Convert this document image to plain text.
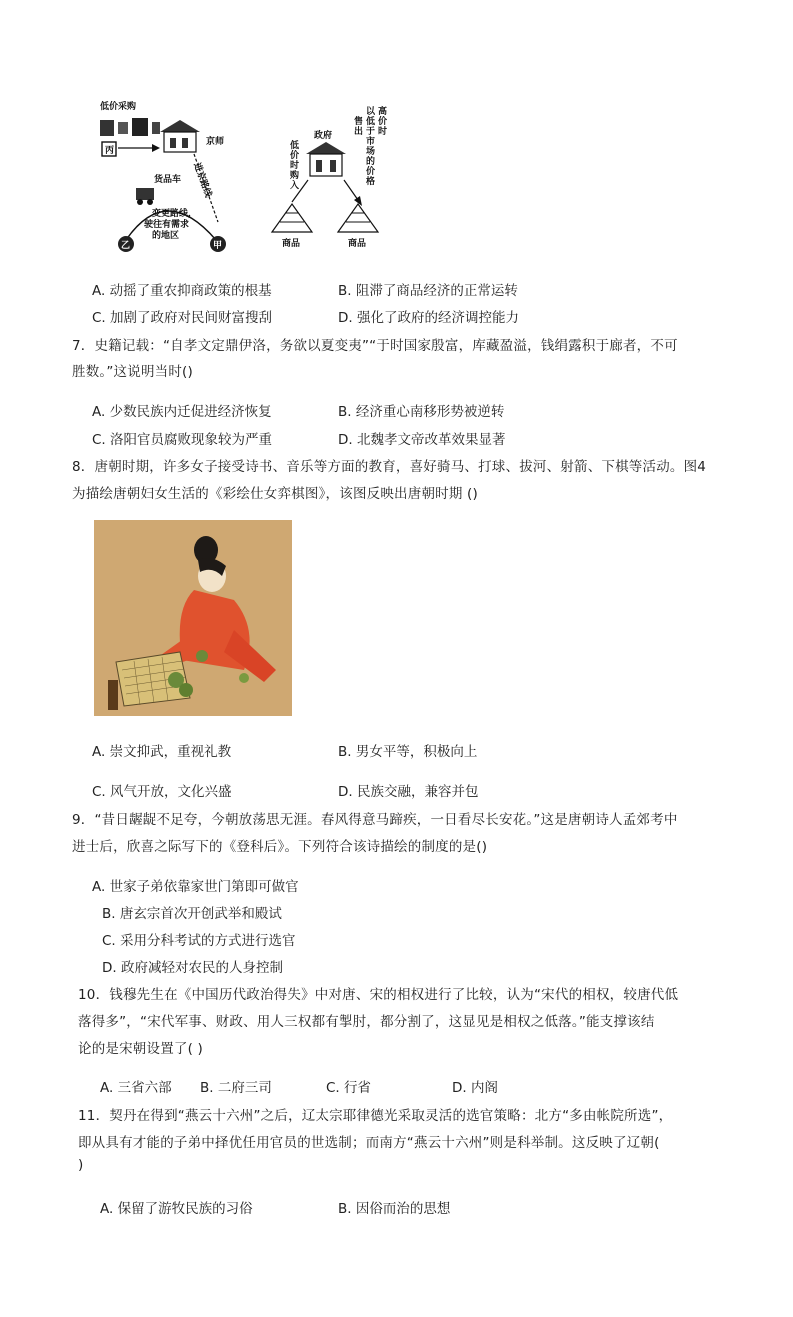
低价采购
丙
京师
进京路线
货品车
变更路线， 驶往有需求 的地区
乙	甲
政府
低 价 时 购 入
售 出
以 低 于 市 场 的 价 格 高 价 时
商品	商品
A. 动摇了重农抑商政策的根基	B. 阻滞了商品经济的正常运转
C. 加剧了政府对民间财富搜刮	D. 强化了政府的经济调控能力
7．史籍记载：“自孝文定鼎伊洛，务欲以夏变夷”“于时国家殷富，库藏盈溢，钱绢露积于廊者，不可
胜数。”这说明当时()
A. 少数民族内迁促进经济恢复	B. 经济重心南移形势被逆转
C. 洛阳官员腐败现象较为严重	D. 北魏孝文帝改革效果显著
8．唐朝时期，许多女子接受诗书、音乐等方面的教育，喜好骑马、打球、拔河、射箭、下棋等活动。图4
为描绘唐朝妇女生活的《彩绘仕女弈棋图》，该图反映出唐朝时期 ()
A. 崇文抑武，重视礼教	B. 男女平等，积极向上
C. 风气开放，文化兴盛	D. 民族交融，兼容并包
9．“昔日龌龊不足夸，今朝放荡思无涯。春风得意马蹄疾，一日看尽长安花。”这是唐朝诗人孟郊考中
进士后，欣喜之际写下的《登科后》。下列符合该诗描绘的制度的是()
A. 世家子弟依靠家世门第即可做官
B. 唐玄宗首次开创武举和殿试
C. 采用分科考试的方式进行选官
D. 政府减轻对农民的人身控制
10．钱穆先生在《中国历代政治得失》中对唐、宋的相权进行了比较，认为“宋代的相权，较唐代低
落得多”，“宋代军事、财政、用人三权都有掣肘，都分割了，这显见是相权之低落。”能支撑该结
论的是宋朝设置了( )
A. 三省六部 B. 二府三司	C. 行省	D. 内阁
11．契丹在得到“燕云十六州”之后，辽太宗耶律德光采取灵活的选官策略：北方“多由帐院所选”，
即从具有才能的子弟中择优任用官员的世选制；而南方“燕云十六州”则是科举制。这反映了辽朝(
)
A. 保留了游牧民族的习俗	B. 因俗而治的思想
